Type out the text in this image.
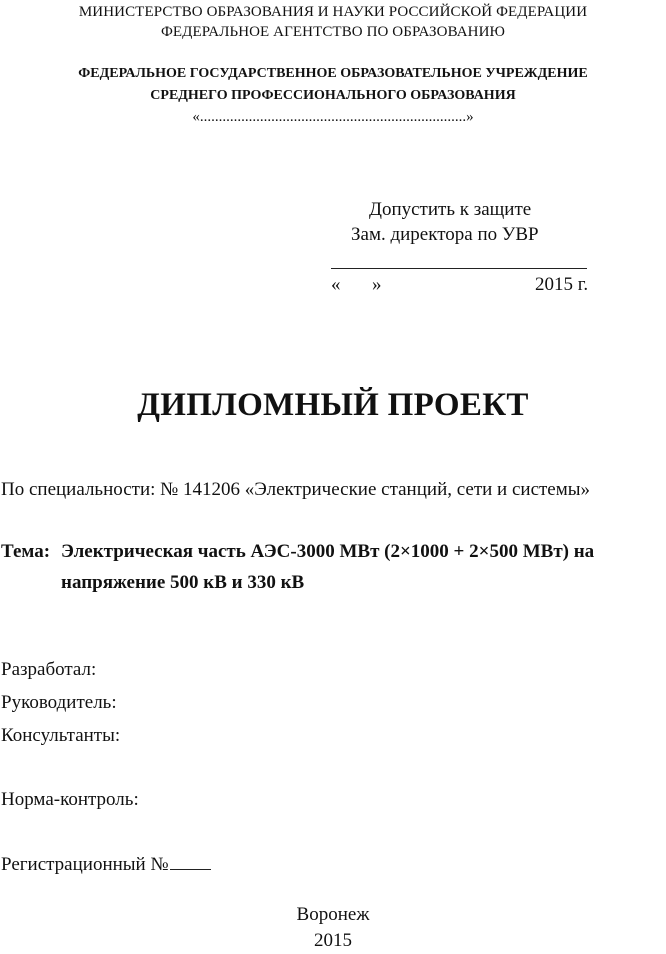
МИНИСТЕРСТВО ОБРАЗОВАНИЯ И НАУКИ РОССИЙСКОЙ ФЕДЕРАЦИИ
ФЕДЕРАЛЬНОЕ АГЕНТСТВО ПО ОБРАЗОВАНИЮ
ФЕДЕРАЛЬНОЕ ГОСУДАРСТВЕННОЕ ОБРАЗОВАТЕЛЬНОЕ УЧРЕЖДЕНИЕ
СРЕДНЕГО ПРОФЕССИОНАЛЬНОГО ОБРАЗОВАНИЯ
«.......................................................................»
Допустить к защите
Зам. директора по УВР
« »	2015 г.
ДИПЛОМНЫЙ ПРОЕКТ
По специальности: № 141206 «Электрические станций, сети и системы»
Тема: Электрическая часть АЭС-3000 МВт (2×1000 + 2×500 МВт) на
напряжение 500 кВ и 330 кВ
Разработал:
Руководитель:
Консультанты:
Норма-контроль:
Регистрационный №
Воронеж
2015
